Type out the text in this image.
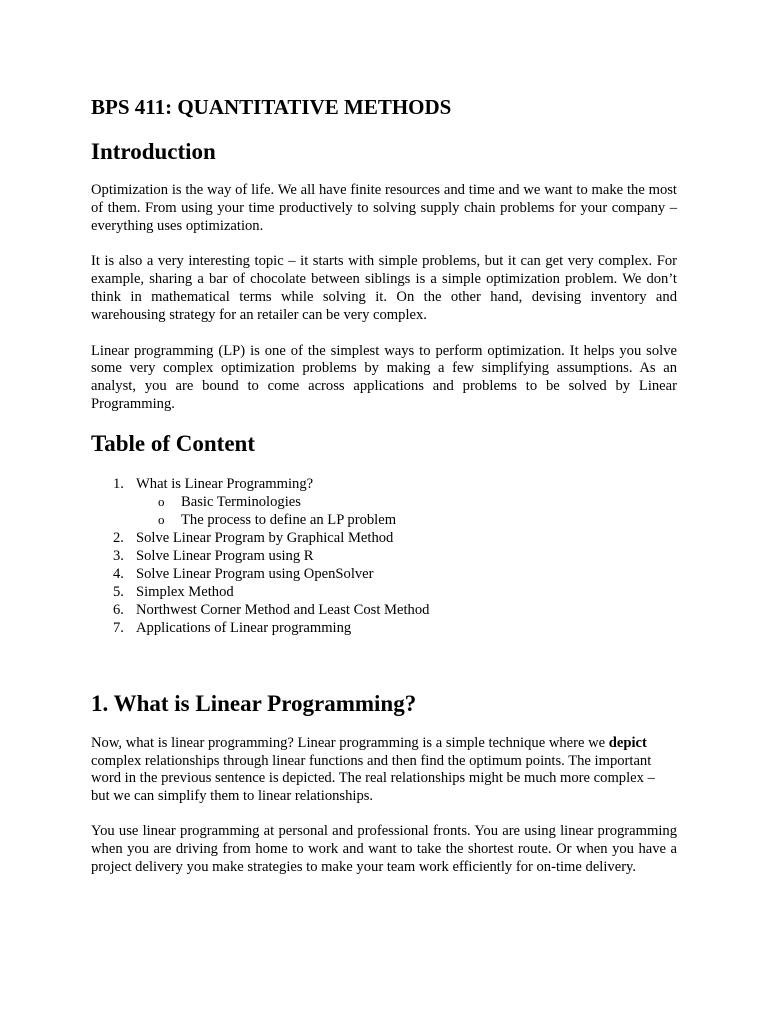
BPS 411: QUANTITATIVE METHODS
Introduction

Optimization is the way of life. We all have finite resources and time and we want to make the most of them. From using your time productively to solving supply chain problems for your company – everything uses optimization.

It is also a very interesting topic – it starts with simple problems, but it can get very complex. For example, sharing a bar of chocolate between siblings is a simple optimization problem. We don’t think in mathematical terms while solving it. On the other hand, devising inventory and warehousing strategy for an retailer can be very complex.

Linear programming (LP) is one of the simplest ways to perform optimization. It helps you solve some very complex optimization problems by making a few simplifying assumptions. As an analyst, you are bound to come across applications and problems to be solved by Linear Programming.

Table of Content
1. What is Linear Programming?
o Basic Terminologies
o The process to define an LP problem
2. Solve Linear Program by Graphical Method
3. Solve Linear Program using R
4. Solve Linear Program using OpenSolver
5. Simplex Method
6. Northwest Corner Method and Least Cost Method
7. Applications of Linear programming
1. What is Linear Programming?

Now, what is linear programming? Linear programming is a simple technique where we depict complex relationships through linear functions and then find the optimum points. The important word in the previous sentence is depicted. The real relationships might be much more complex – but we can simplify them to linear relationships.

You use linear programming at personal and professional fronts. You are using linear programming when you are driving from home to work and want to take the shortest route. Or when you have a project delivery you make strategies to make your team work efficiently for on-time delivery.
